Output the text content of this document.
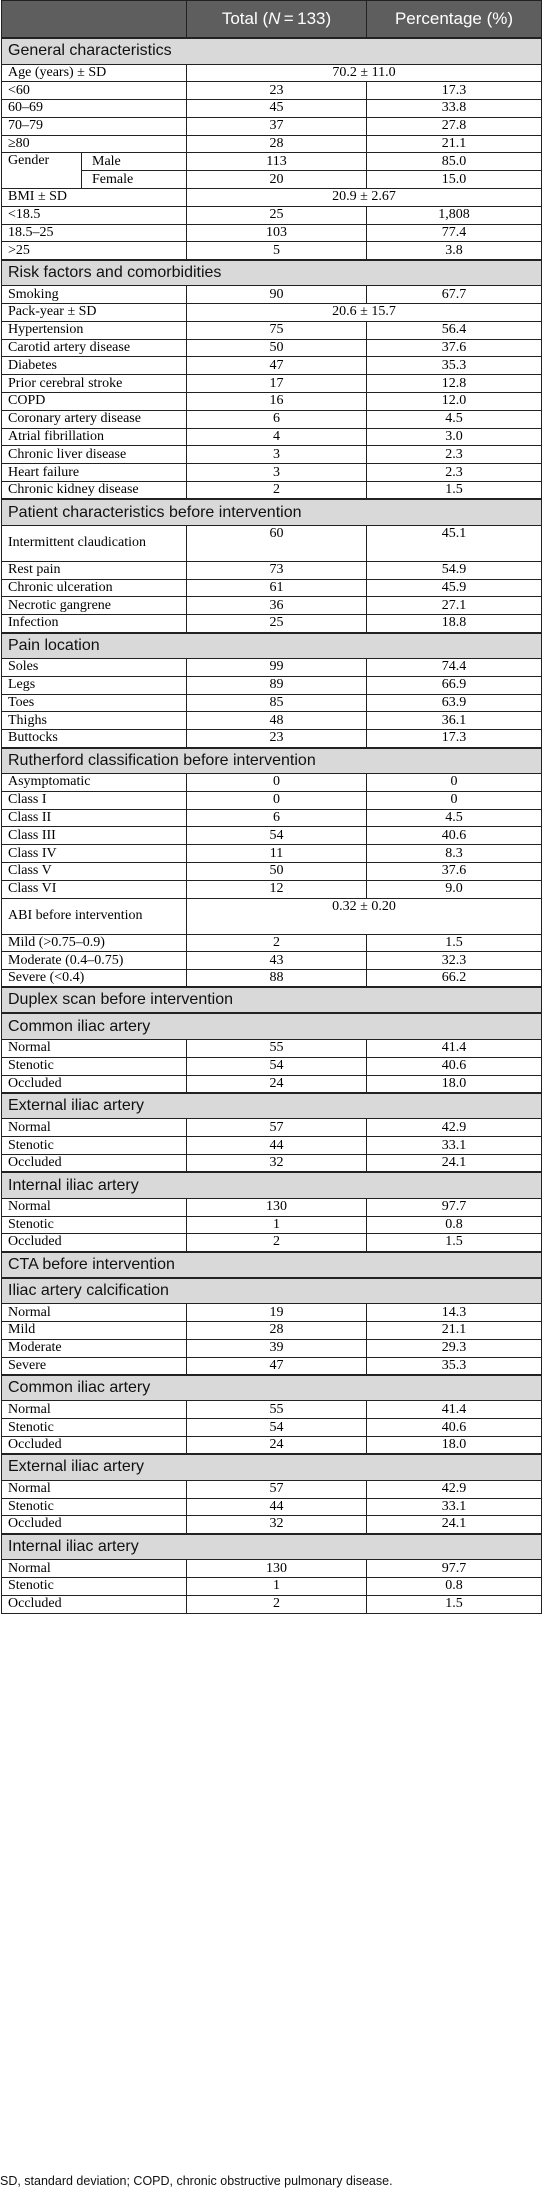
		Total (N = 133)	Percentage (%)
General characteristics			
Age (years) ± SD		70.2 ± 11.0	
<60		23	17.3
60–69		45	33.8
70–79		37	27.8
≥80		28	21.1
Gender	Male	113	85.0
	Female	20	15.0
BMI ± SD		20.9 ± 2.67	
<18.5		25	1,808
18.5–25		103	77.4
>25		5	3.8
Risk factors and comorbidities			
Smoking		90	67.7
Pack-year ± SD		20.6 ± 15.7	
Hypertension		75	56.4
Carotid artery disease		50	37.6
Diabetes		47	35.3
Prior cerebral stroke		17	12.8
COPD		16	12.0
Coronary artery disease		6	4.5
Atrial fibrillation		4	3.0
Chronic liver disease		3	2.3
Heart failure		3	2.3
Chronic kidney disease		2	1.5
Patient characteristics before intervention			
Intermittent claudication		60	45.1
Rest pain		73	54.9
Chronic ulceration		61	45.9
Necrotic gangrene		36	27.1
Infection		25	18.8
Pain location			
Soles		99	74.4
Legs		89	66.9
Toes		85	63.9
Thighs		48	36.1
Buttocks		23	17.3
Rutherford classification before intervention			
Asymptomatic		0	0
Class I		0	0
Class II		6	4.5
Class III		54	40.6
Class IV		11	8.3
Class V		50	37.6
Class VI		12	9.0
ABI before intervention		0.32 ± 0.20	
Mild (>0.75–0.9)		2	1.5
Moderate (0.4–0.75)		43	32.3
Severe (<0.4)		88	66.2
Duplex scan before intervention			
Common iliac artery			
Normal		55	41.4
Stenotic		54	40.6
Occluded		24	18.0
External iliac artery			
Normal		57	42.9
Stenotic		44	33.1
Occluded		32	24.1
Internal iliac artery			
Normal		130	97.7
Stenotic		1	0.8
Occluded		2	1.5
CTA before intervention			
Iliac artery calcification			
Normal		19	14.3
Mild		28	21.1
Moderate		39	29.3
Severe		47	35.3
Common iliac artery			
Normal		55	41.4
Stenotic		54	40.6
Occluded		24	18.0
External iliac artery			
Normal		57	42.9
Stenotic		44	33.1
Occluded		32	24.1
Internal iliac artery			
Normal		130	97.7
Stenotic		1	0.8
Occluded		2	1.5
SD, standard deviation; COPD, chronic obstructive pulmonary disease.
